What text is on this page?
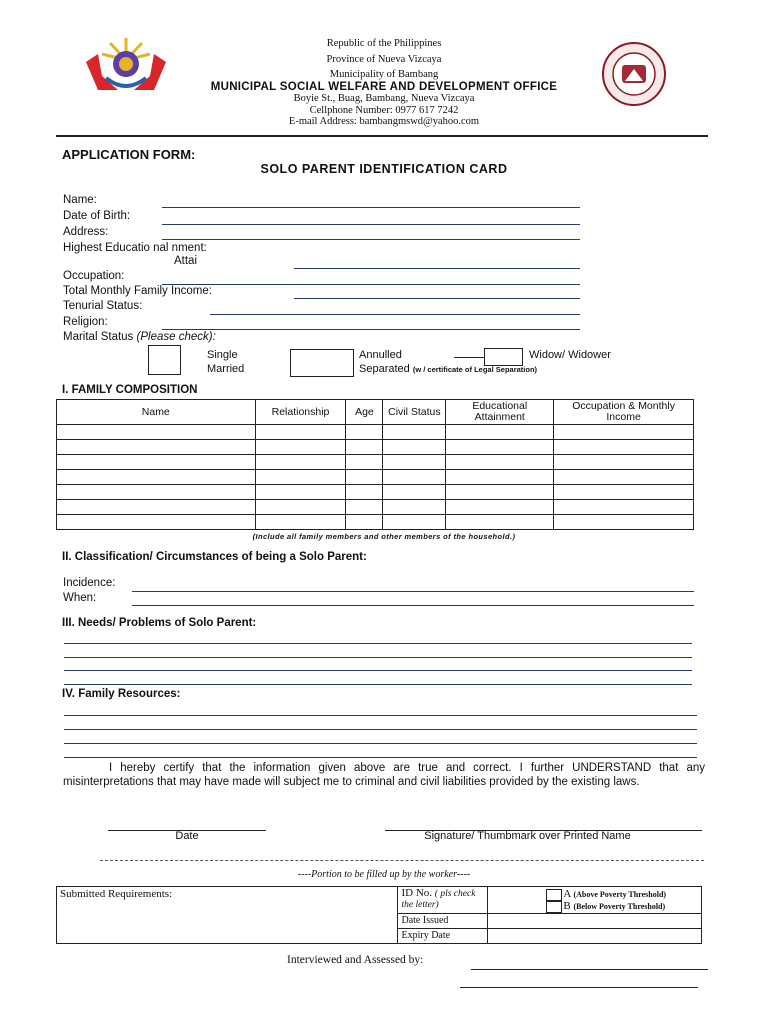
Republic of the Philippines
Province of Nueva Vizcaya
Municipality of Bambang
MUNICIPAL SOCIAL WELFARE AND DEVELOPMENT OFFICE
Boyie St., Buag, Bambang, Nueva Vizcaya
Cellphone Number: 0977 617 7242
E-mail Address: bambangmswd@yahoo.com
APPLICATION FORM:
SOLO PARENT IDENTIFICATION CARD
Name:
Date of Birth:
Address:
Highest Educatio nal nment:
Attai
Occupation:
Total Monthly Family Income:
Tenurial Status:
Religion:
Marital Status (Please check):
Single
Married
Annulled
Separated (w / certificate of Legal Separation)
Widow/ Widower
I. FAMILY COMPOSITION
Name	Relationship	Age	Civil Status	Educational Attainment	Occupation & Monthly Income

(Include all family members and other members of the household.)
II. Classification/ Circumstances of being a Solo Parent:
Incidence:
When:
III. Needs/ Problems of Solo Parent:
IV. Family Resources:
I hereby certify that the information given above are true and correct. I further UNDERSTAND that any misinterpretations that may have made will subject me to criminal and civil liabilities provided by the existing laws.
Date	Signature/ Thumbmark over Printed Name
----Portion to be filled up by the worker----
Submitted Requirements:	ID No. ( pls check the letter)	A (Above Poverty Threshold)
B (Below Poverty Threshold)

	Date Issued	
	Expiry Date	
Interviewed and Assessed by:
